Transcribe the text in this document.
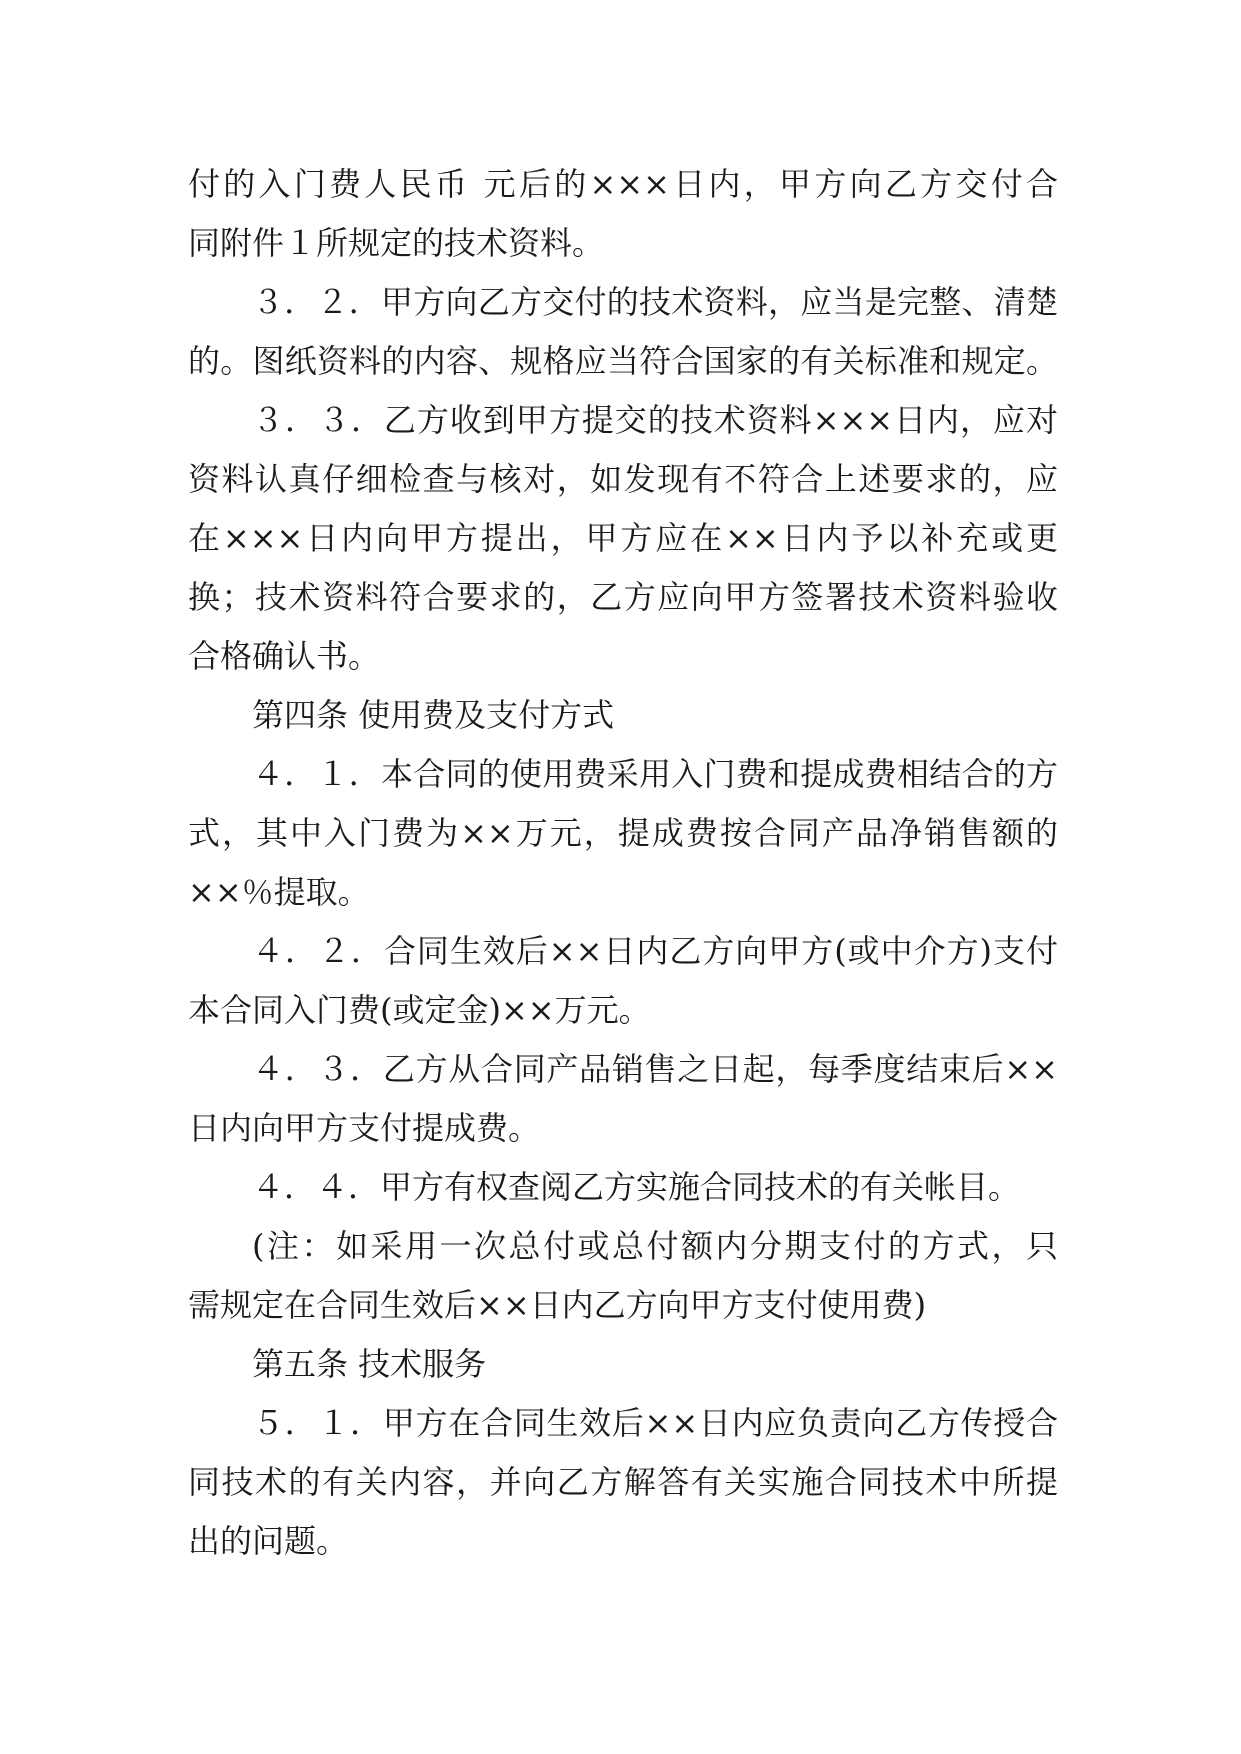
付的入门费人民币 元后的×××日内，甲方向乙方交付合
同附件１所规定的技术资料。
３．２．甲方向乙方交付的技术资料，应当是完整、清楚
的。图纸资料的内容、规格应当符合国家的有关标准和规定。
３．３．乙方收到甲方提交的技术资料×××日内，应对
资料认真仔细检查与核对，如发现有不符合上述要求的，应
在×××日内向甲方提出，甲方应在××日内予以补充或更
换；技术资料符合要求的，乙方应向甲方签署技术资料验收
合格确认书。
第四条 使用费及支付方式
４．１．本合同的使用费采用入门费和提成费相结合的方
式，其中入门费为××万元，提成费按合同产品净销售额的
××％提取。
４．２．合同生效后××日内乙方向甲方(或中介方)支付
本合同入门费(或定金)××万元。
４．３．乙方从合同产品销售之日起，每季度结束后××
日内向甲方支付提成费。
４．４．甲方有权查阅乙方实施合同技术的有关帐目。
(注：如采用一次总付或总付额内分期支付的方式，只
需规定在合同生效后××日内乙方向甲方支付使用费)
第五条 技术服务
５．１．甲方在合同生效后××日内应负责向乙方传授合
同技术的有关内容，并向乙方解答有关实施合同技术中所提
出的问题。
